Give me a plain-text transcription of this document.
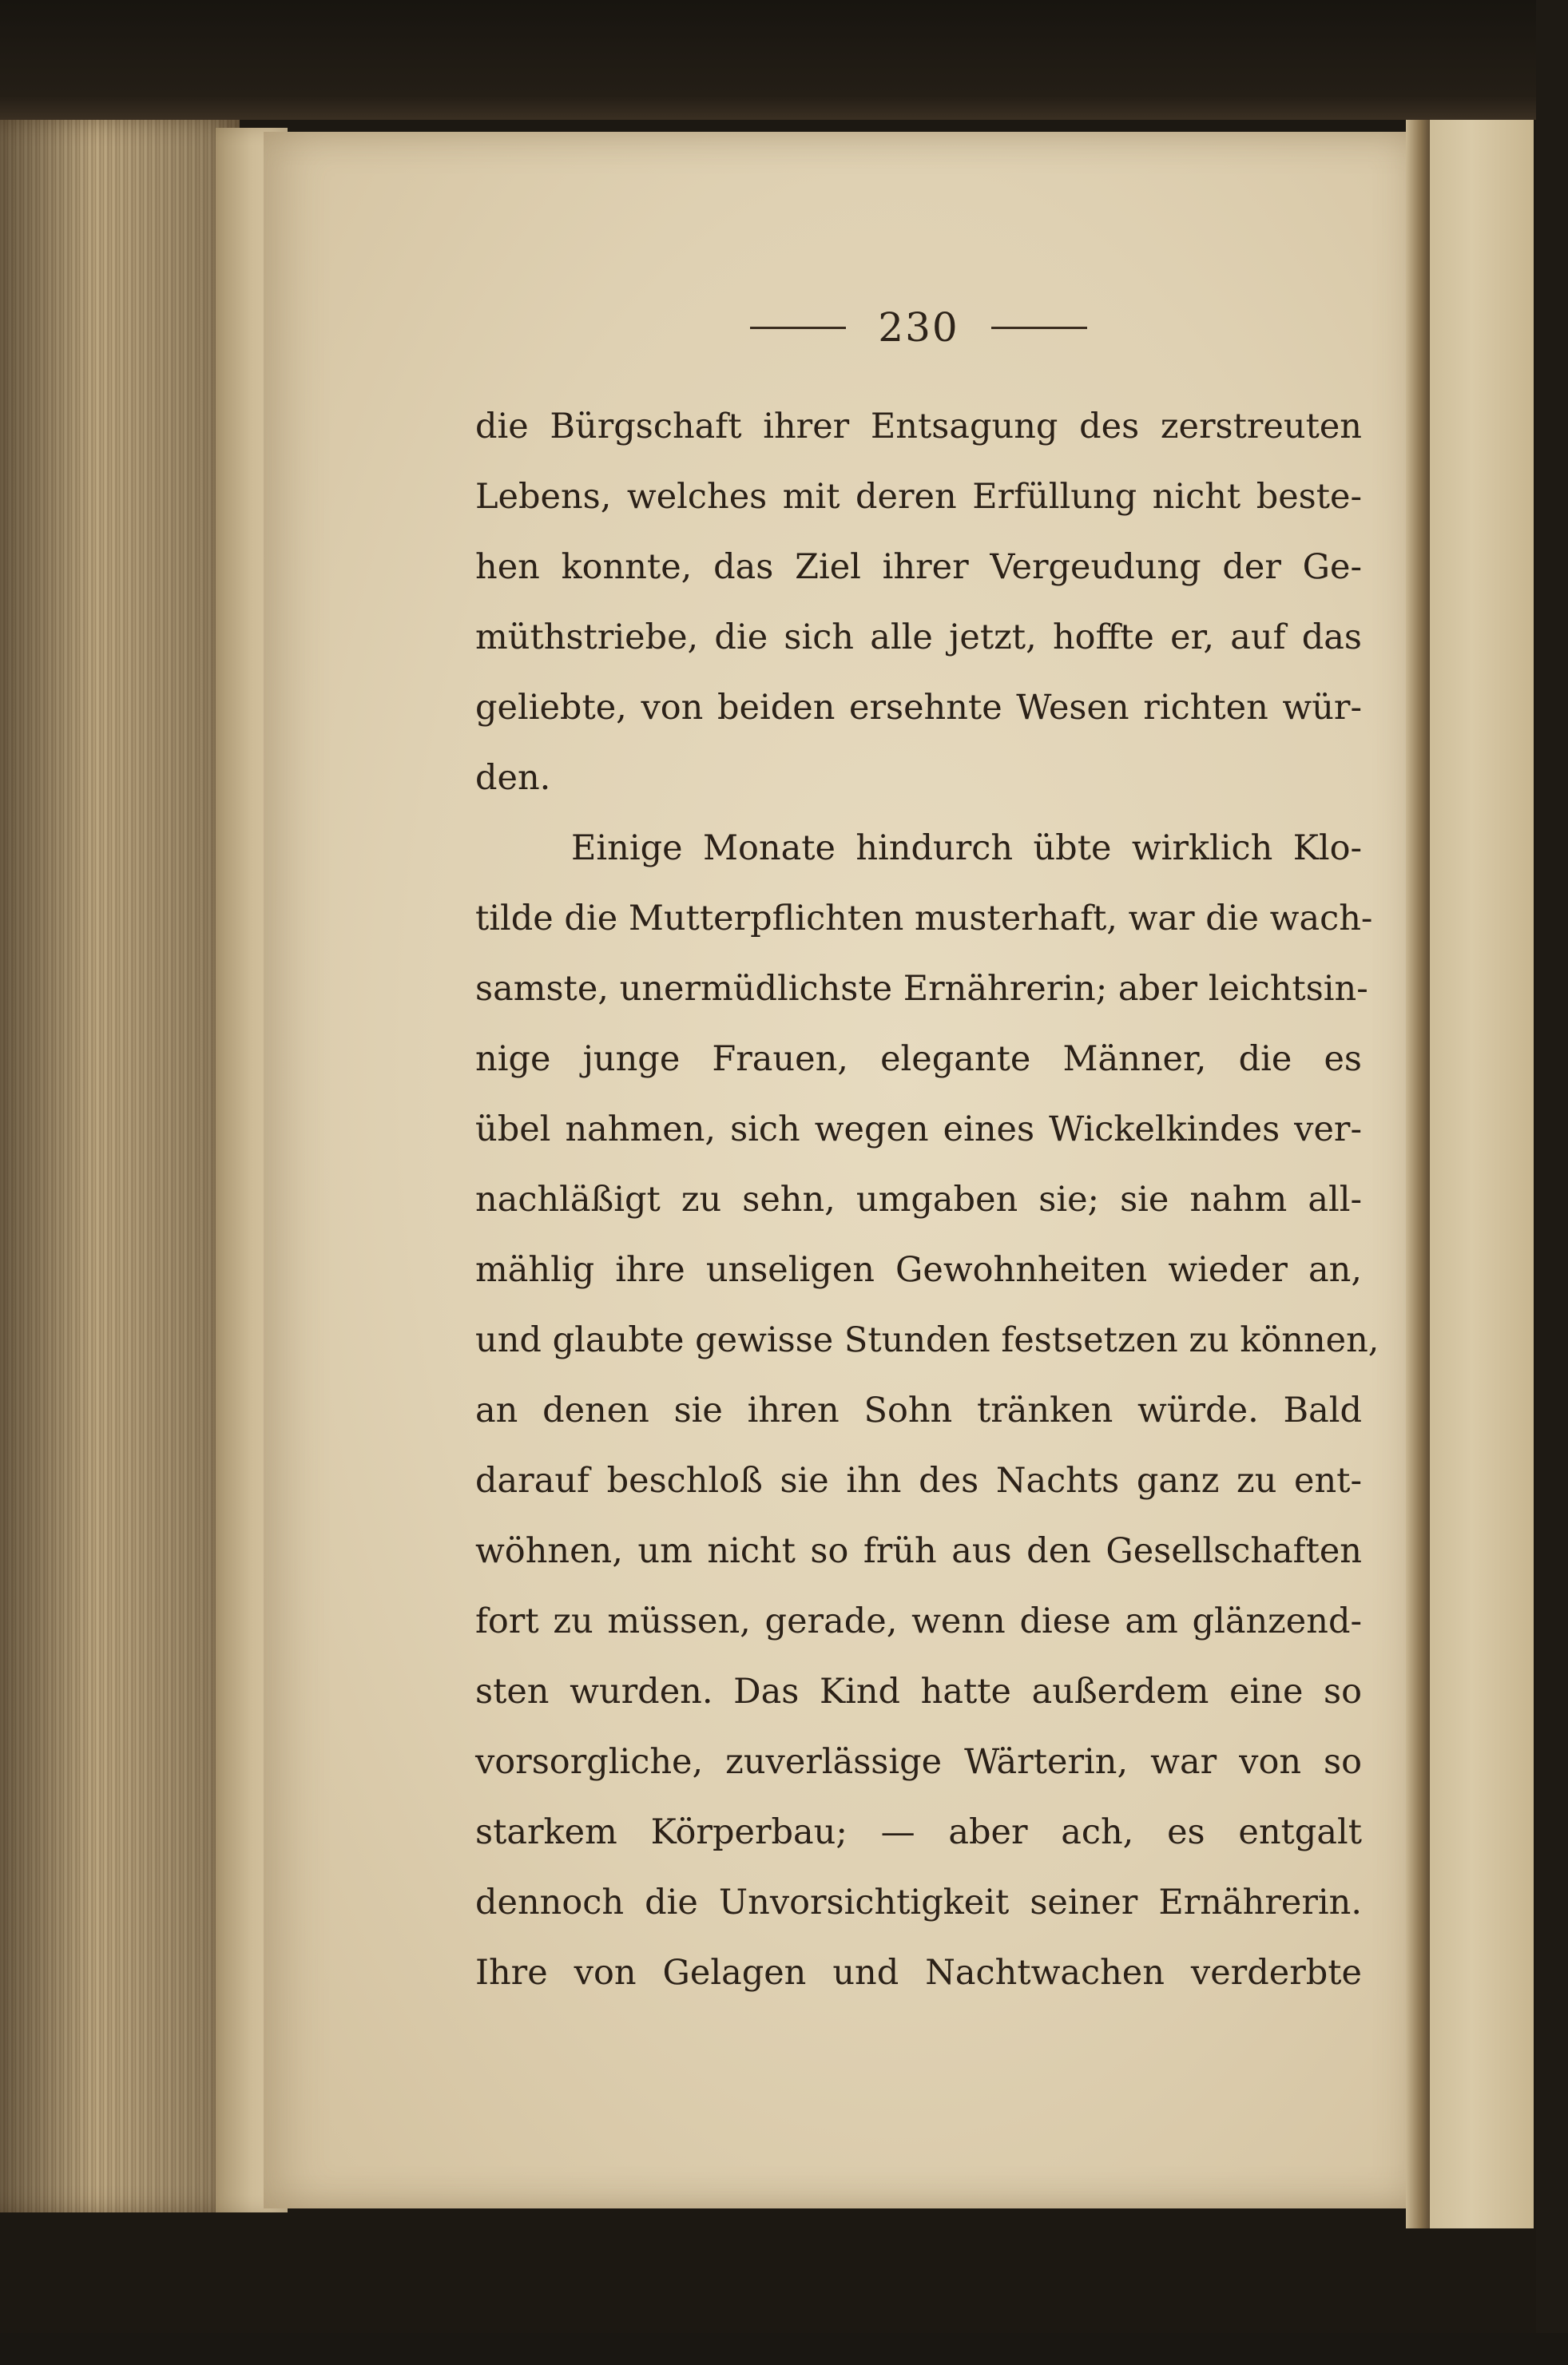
230
die Bürgschaft ihrer Entsagung des zerstreuten
Lebens, welches mit deren Erfüllung nicht beste-
hen konnte, das Ziel ihrer Vergeudung der Ge-
müthstriebe, die sich alle jetzt, hoffte er, auf das
geliebte, von beiden ersehnte Wesen richten wür-
den.
Einige Monate hindurch übte wirklich Klo-
tilde die Mutterpflichten musterhaft, war die wach-
samste, unermüdlichste Ernährerin; aber leichtsin-
nige junge Frauen, elegante Männer, die es
übel nahmen, sich wegen eines Wickelkindes ver-
nachläßigt zu sehn, umgaben sie; sie nahm all-
mählig ihre unseligen Gewohnheiten wieder an,
und glaubte gewisse Stunden festsetzen zu können,
an denen sie ihren Sohn tränken würde. Bald
darauf beschloß sie ihn des Nachts ganz zu ent-
wöhnen, um nicht so früh aus den Gesellschaften
fort zu müssen, gerade, wenn diese am glänzend-
sten wurden. Das Kind hatte außerdem eine so
vorsorgliche, zuverlässige Wärterin, war von so
starkem Körperbau; — aber ach, es entgalt
dennoch die Unvorsichtigkeit seiner Ernährerin.
Ihre von Gelagen und Nachtwachen verderbte
